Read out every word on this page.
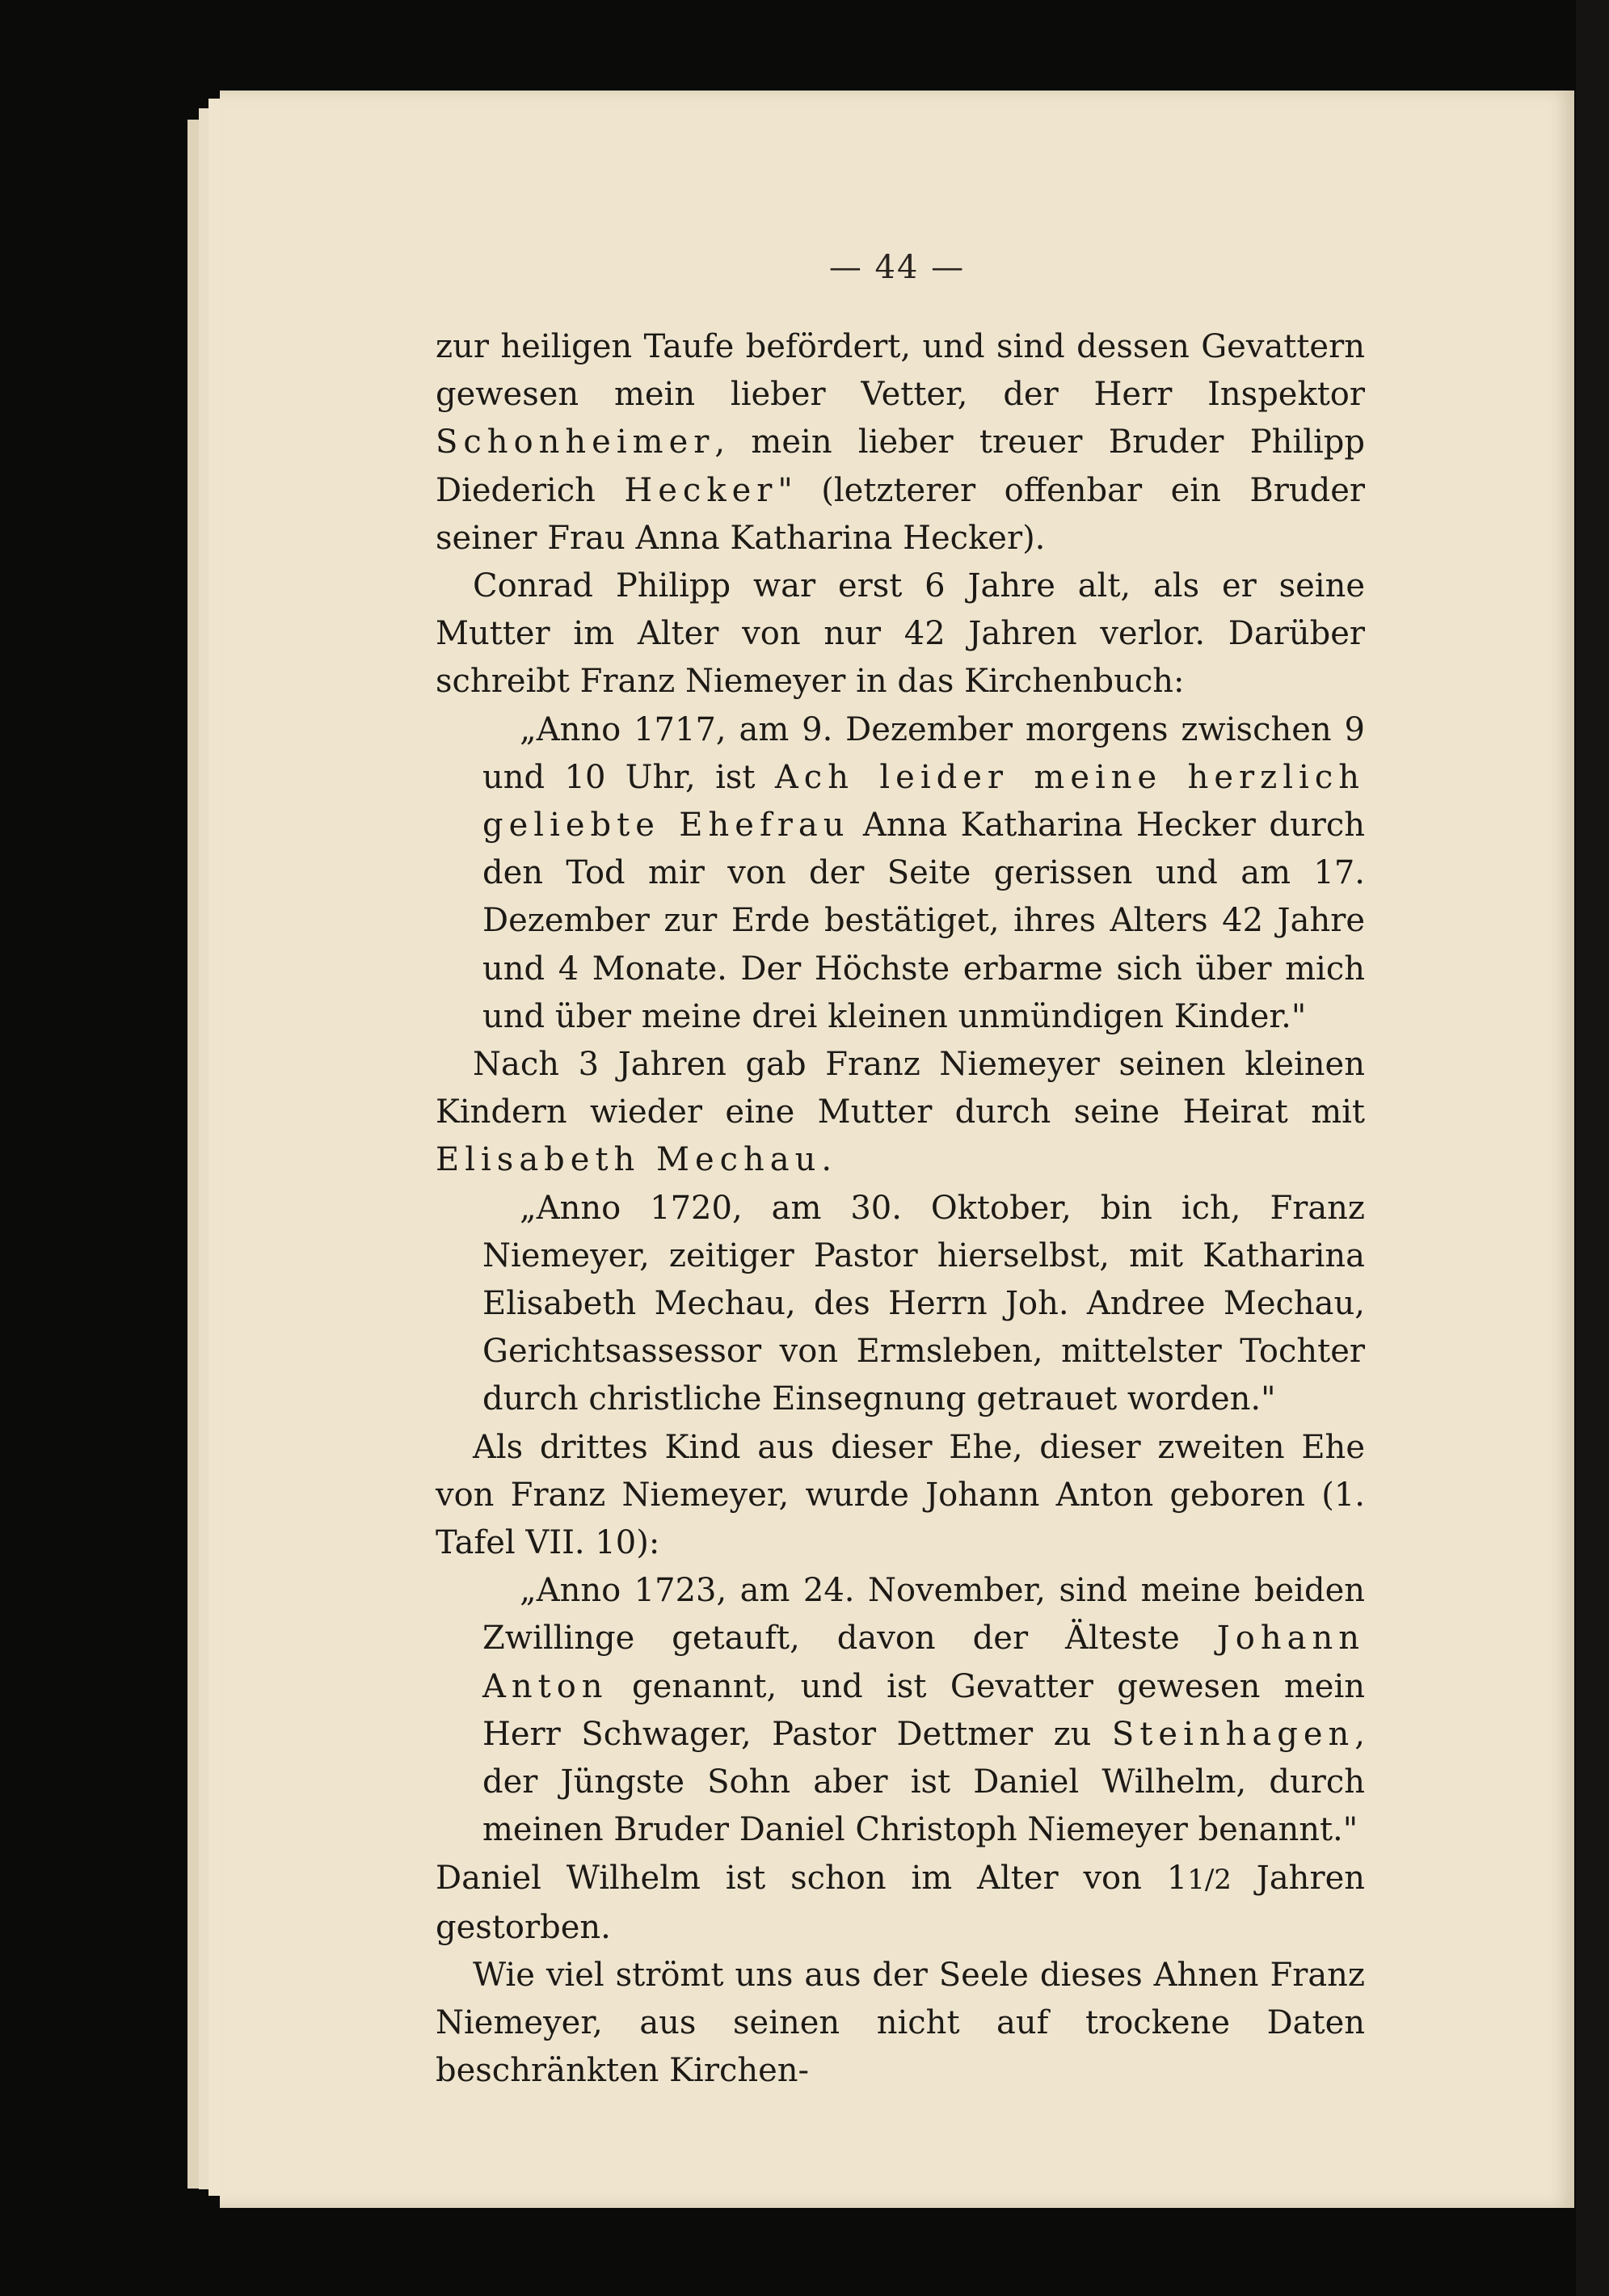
— 44 —

zur heiligen Taufe befördert, und sind dessen Gevattern gewesen mein lieber Vetter, der Herr Inspektor Schonheimer, mein lieber treuer Bruder Philipp Diederich Hecker" (letzterer offenbar ein Bruder seiner Frau Anna Katharina Hecker).

Conrad Philipp war erst 6 Jahre alt, als er seine Mutter im Alter von nur 42 Jahren verlor. Darüber schreibt Franz Niemeyer in das Kirchenbuch:

„Anno 1717, am 9. Dezember morgens zwischen 9 und 10 Uhr, ist Ach leider meine herzlich geliebte Ehefrau Anna Katharina Hecker durch den Tod mir von der Seite gerissen und am 17. Dezember zur Erde bestätiget, ihres Alters 42 Jahre und 4 Monate. Der Höchste erbarme sich über mich und über meine drei kleinen unmündigen Kinder."

Nach 3 Jahren gab Franz Niemeyer seinen kleinen Kindern wieder eine Mutter durch seine Heirat mit Elisabeth Mechau.

„Anno 1720, am 30. Oktober, bin ich, Franz Niemeyer, zeitiger Pastor hierselbst, mit Katharina Elisabeth Mechau, des Herrn Joh. Andree Mechau, Gerichtsassessor von Ermsleben, mittelster Tochter durch christliche Einsegnung getrauet worden."

Als drittes Kind aus dieser Ehe, dieser zweiten Ehe von Franz Niemeyer, wurde Johann Anton geboren (1. Tafel VII. 10):

„Anno 1723, am 24. November, sind meine beiden Zwillinge getauft, davon der Älteste Johann Anton genannt, und ist Gevatter gewesen mein Herr Schwager, Pastor Dettmer zu Steinhagen, der Jüngste Sohn aber ist Daniel Wilhelm, durch meinen Bruder Daniel Christoph Niemeyer benannt."

Daniel Wilhelm ist schon im Alter von 11/2 Jahren gestorben.

Wie viel strömt uns aus der Seele dieses Ahnen Franz Niemeyer, aus seinen nicht auf trockene Daten beschränkten Kirchen-
